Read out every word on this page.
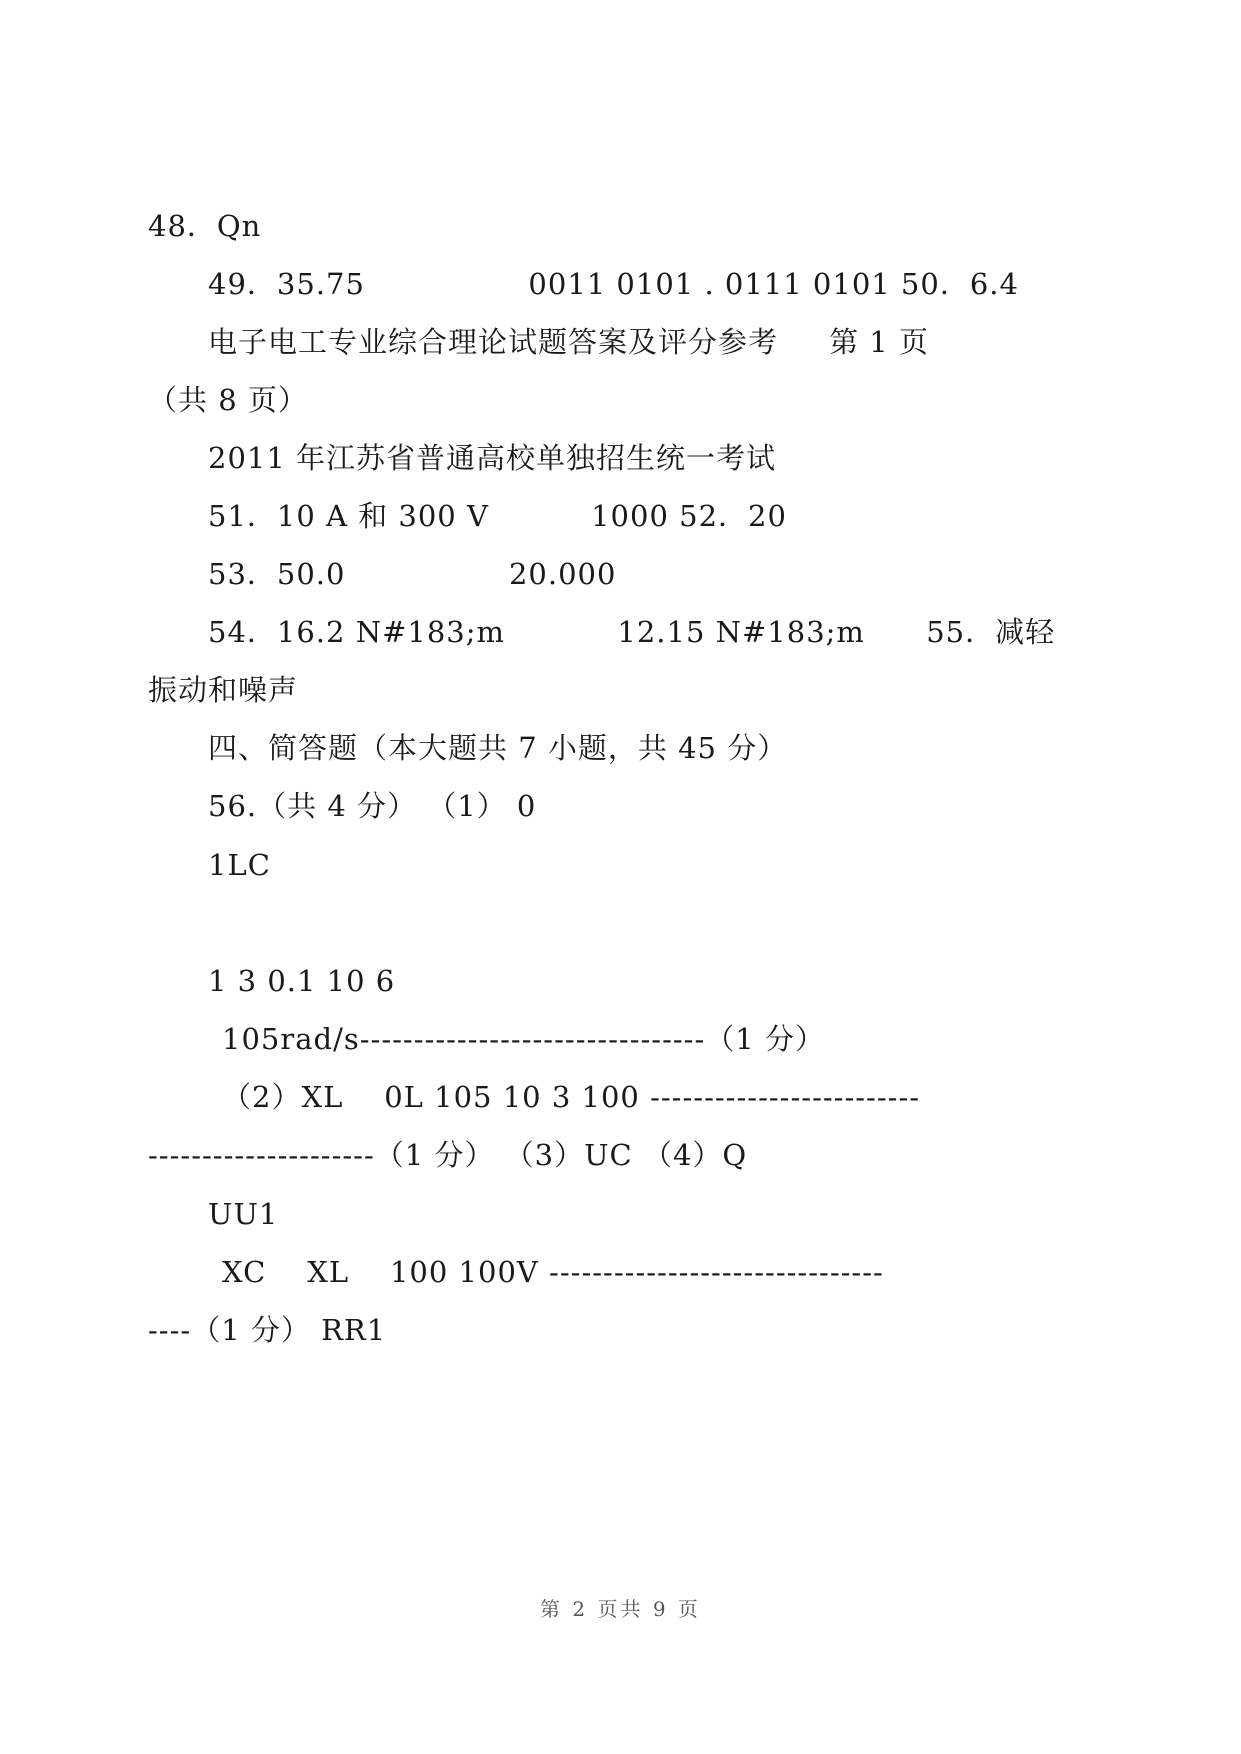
48．Qn
49．35.75                0011 0101 . 0111 0101 50．6.4
电子电工专业综合理论试题答案及评分参考     第 1 页
（共 8 页）
2011 年江苏省普通高校单独招生统一考试
51．10 A 和 300 V          1000 52．20
53．50.0                20.000
54．16.2 N#183;m           12.15 N#183;m      55．减轻
振动和噪声
四、简答题（本大题共 7 小题，共 45 分）
56.（共 4 分） （1） 0
1LC
1 3 0.1 10 6
105rad/s--------------------------------（1 分）
（2）XL    0L 105 10 3 100 -------------------------
---------------------（1 分） （3）UC （4）Q
UU1
XC    XL    100 100V -------------------------------
----（1 分） RR1
第 2 页共 9 页
